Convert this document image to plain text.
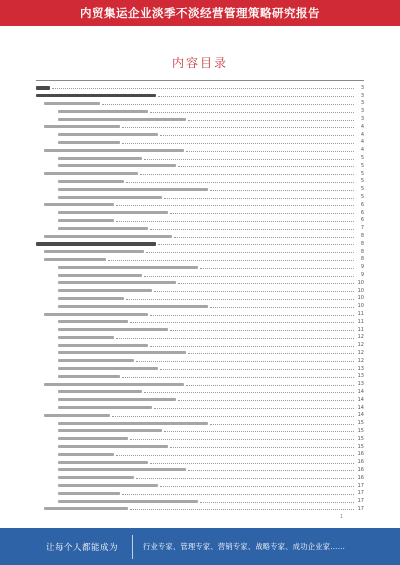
内贸集运企业淡季不淡经营管理策略研究报告
内容目录
3
3
3
3
3
4
4
4
4
5
5
5
5
5
5
6
6
6
7
8
8
8
8
9
9
10
10
10
10
11
11
11
12
12
12
12
13
13
13
14
14
14
14
15
15
15
15
16
16
16
16
17
17
17
17
1
让每个人都能成为	行业专家、管理专家、营销专家、战略专家、成功企业家……
